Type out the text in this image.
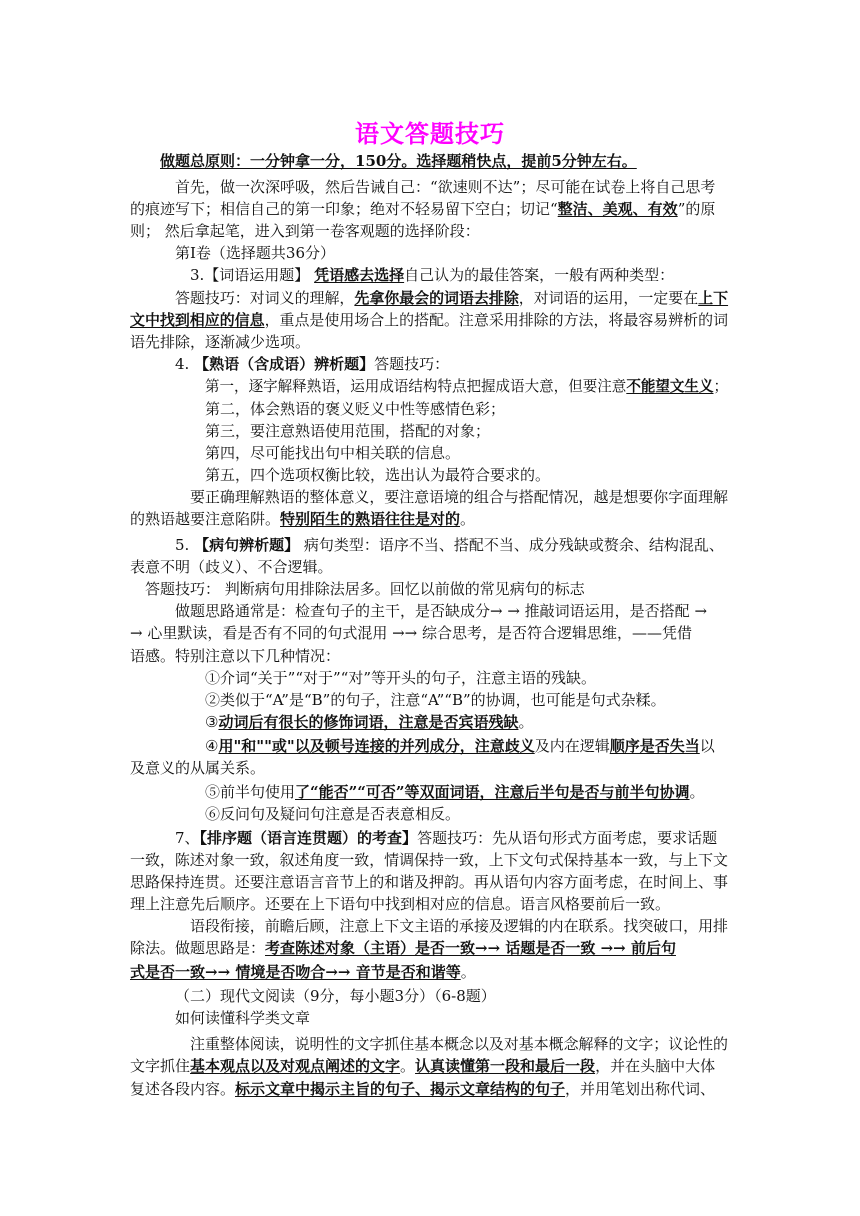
语文答题技巧
做题总原则：一分钟拿一分，150分。选择题稍快点，提前5分钟左右。
首先，做一次深呼吸，然后告诫自己：“欲速则不达”；尽可能在试卷上将自己思考
的痕迹写下；相信自己的第一印象；绝对不轻易留下空白；切记“整洁、美观、有效”的原
则； 然后拿起笔，进入到第一卷客观题的选择阶段：
第Ⅰ卷（选择题共36分）
3.【词语运用题】 凭语感去选择自己认为的最佳答案，一般有两种类型：
答题技巧：对词义的理解，先拿你最会的词语去排除，对词语的运用，一定要在上下
文中找到相应的信息，重点是使用场合上的搭配。注意采用排除的方法，将最容易辨析的词
语先排除，逐渐减少选项。
4. 【熟语（含成语）辨析题】答题技巧：
第一，逐字解释熟语，运用成语结构特点把握成语大意，但要注意不能望文生义；
第二，体会熟语的褒义贬义中性等感情色彩；
第三，要注意熟语使用范围，搭配的对象；
第四，尽可能找出句中相关联的信息。
第五，四个选项权衡比较，选出认为最符合要求的。
要正确理解熟语的整体意义，要注意语境的组合与搭配情况，越是想要你字面理解
的熟语越要注意陷阱。特别陌生的熟语往往是对的。
5. 【病句辨析题】 病句类型：语序不当、搭配不当、成分残缺或赘余、结构混乱、
表意不明（歧义）、不合逻辑。
答题技巧： 判断病句用排除法居多。回忆以前做的常见病句的标志
做题思路通常是：检查句子的主干，是否缺成分→ → 推敲词语运用，是否搭配 →
→ 心里默读，看是否有不同的句式混用 →→ 综合思考，是否符合逻辑思维，——凭借
语感。特别注意以下几种情况：
①介词“关于”“对于”“对”等开头的句子，注意主语的残缺。
②类似于“A”是“B”的句子，注意“A”“B”的协调，也可能是句式杂糅。
③动词后有很长的修饰词语，注意是否宾语残缺。
④用"和""或"以及顿号连接的并列成分，注意歧义及内在逻辑顺序是否失当以
及意义的从属关系。
⑤前半句使用了“能否”“可否”等双面词语，注意后半句是否与前半句协调。
⑥反问句及疑问句注意是否表意相反。
7、【排序题（语言连贯题）的考查】答题技巧：先从语句形式方面考虑，要求话题
一致，陈述对象一致，叙述角度一致，情调保持一致，上下文句式保持基本一致，与上下文
思路保持连贯。还要注意语言音节上的和谐及押韵。再从语句内容方面考虑，在时间上、事
理上注意先后顺序。还要在上下语句中找到相对应的信息。语言风格要前后一致。
语段衔接，前瞻后顾，注意上下文主语的承接及逻辑的内在联系。找突破口，用排
除法。做题思路是：考查陈述对象（主语）是否一致→→ 话题是否一致 →→ 前后句
式是否一致→→ 情境是否吻合→→ 音节是否和谐等。
（二）现代文阅读（9分，每小题3分）（6-8题）
如何读懂科学类文章
注重整体阅读，说明性的文字抓住基本概念以及对基本概念解释的文字；议论性的
文字抓住基本观点以及对观点阐述的文字。认真读懂第一段和最后一段，并在头脑中大体
复述各段内容。标示文章中揭示主旨的句子、揭示文章结构的句子，并用笔划出称代词、
